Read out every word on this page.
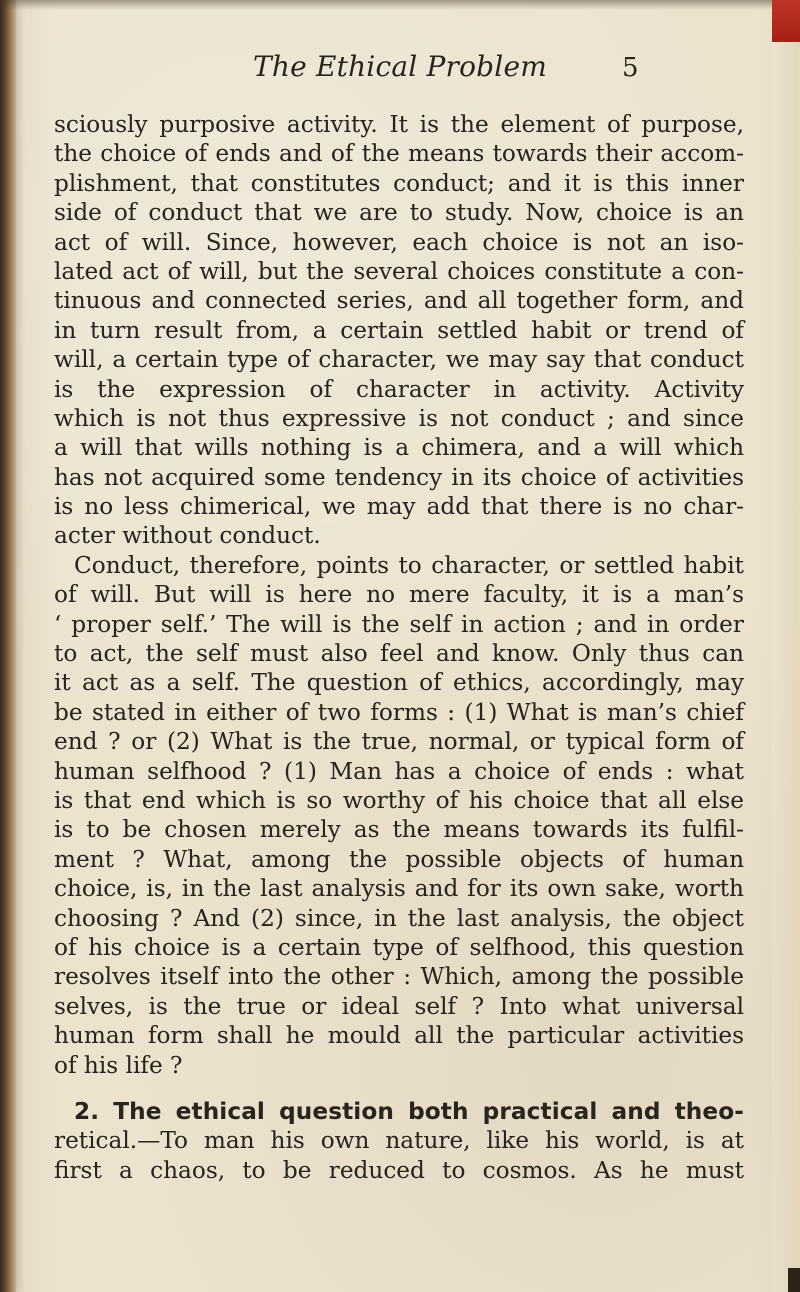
The Ethical Problem	5
sciously purposive activity. It is the element of purpose,
the choice of ends and of the means towards their accom-
plishment, that constitutes conduct; and it is this inner
side of conduct that we are to study. Now, choice is an
act of will. Since, however, each choice is not an iso-
lated act of will, but the several choices constitute a con-
tinuous and connected series, and all together form, and
in turn result from, a certain settled habit or trend of
will, a certain type of character, we may say that conduct
is the expression of character in activity. Activity
which is not thus expressive is not conduct ; and since
a will that wills nothing is a chimera, and a will which
has not acquired some tendency in its choice of activities
is no less chimerical, we may add that there is no char-
acter without conduct.
Conduct, therefore, points to character, or settled habit
of will. But will is here no mere faculty, it is a man’s
‘ proper self.’ The will is the self in action ; and in order
to act, the self must also feel and know. Only thus can
it act as a self. The question of ethics, accordingly, may
be stated in either of two forms : (1) What is man’s chief
end ? or (2) What is the true, normal, or typical form of
human selfhood ? (1) Man has a choice of ends : what
is that end which is so worthy of his choice that all else
is to be chosen merely as the means towards its fulfil-
ment ? What, among the possible objects of human
choice, is, in the last analysis and for its own sake, worth
choosing ? And (2) since, in the last analysis, the object
of his choice is a certain type of selfhood, this question
resolves itself into the other : Which, among the possible
selves, is the true or ideal self ? Into what universal
human form shall he mould all the particular activities
of his life ?
2. The ethical question both practical and theo-
retical.—To man his own nature, like his world, is at
first a chaos, to be reduced to cosmos. As he must
